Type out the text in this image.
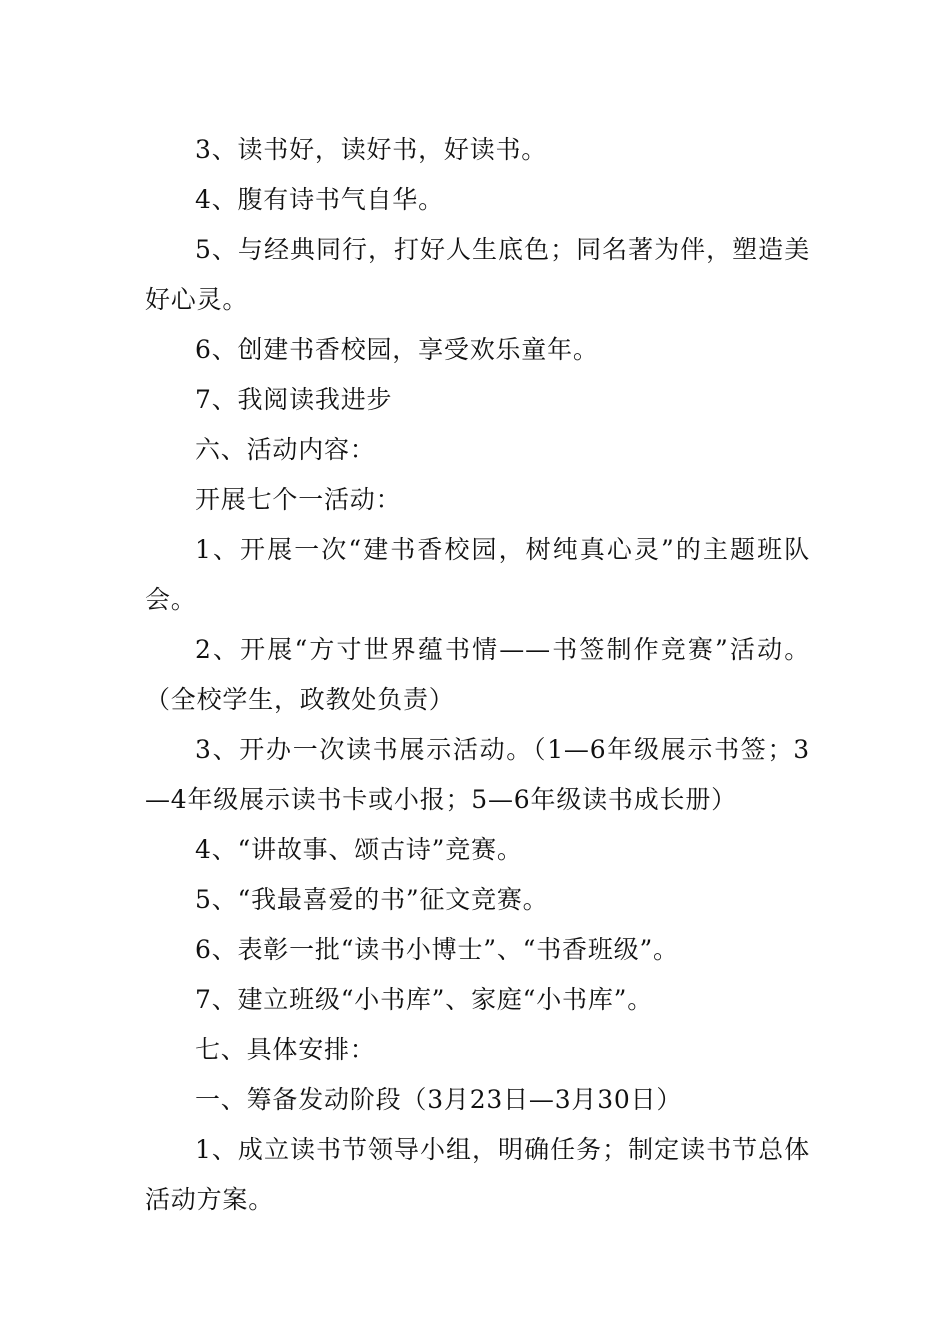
3、读书好，读好书，好读书。

4、腹有诗书气自华。

5、与经典同行，打好人生底色；同名著为伴，塑造美好心灵。

6、创建书香校园，享受欢乐童年。

7、我阅读我进步

六、活动内容：

开展七个一活动：

1、开展一次“建书香校园，树纯真心灵”的主题班队会。

2、开展“方寸世界蕴书情——书签制作竞赛”活动。（全校学生，政教处负责）

3、开办一次读书展示活动。（1—6年级展示书签；3—4年级展示读书卡或小报；5—6年级读书成长册）

4、“讲故事、颂古诗”竞赛。

5、“我最喜爱的书”征文竞赛。

6、表彰一批“读书小博士”、“书香班级”。

7、建立班级“小书库”、家庭“小书库”。

七、具体安排：

一、筹备发动阶段（3月23日—3月30日）

1、成立读书节领导小组，明确任务；制定读书节总体活动方案。
